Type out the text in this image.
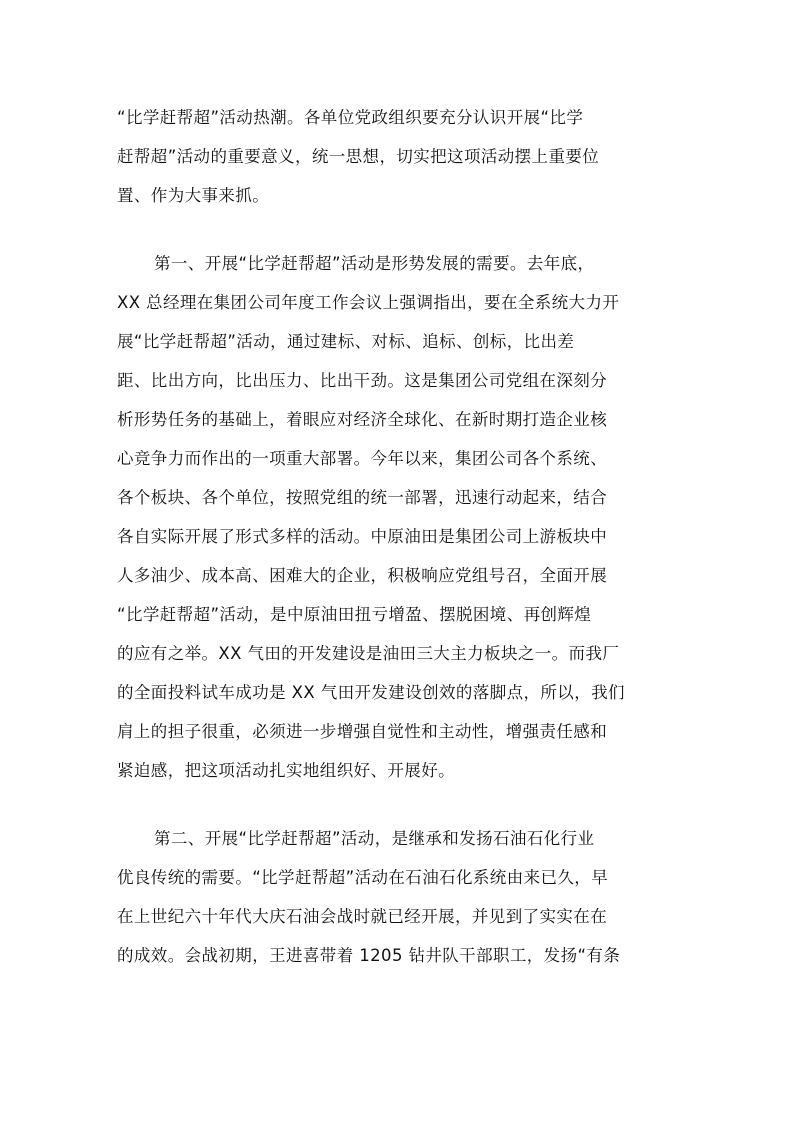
“比学赶帮超”活动热潮。各单位党政组织要充分认识开展“比学
赶帮超”活动的重要意义，统一思想，切实把这项活动摆上重要位
置、作为大事来抓。
第一、开展“比学赶帮超”活动是形势发展的需要。去年底，
XX 总经理在集团公司年度工作会议上强调指出，要在全系统大力开
展“比学赶帮超”活动，通过建标、对标、追标、创标，比出差
距、比出方向，比出压力、比出干劲。这是集团公司党组在深刻分
析形势任务的基础上，着眼应对经济全球化、在新时期打造企业核
心竞争力而作出的一项重大部署。今年以来，集团公司各个系统、
各个板块、各个单位，按照党组的统一部署，迅速行动起来，结合
各自实际开展了形式多样的活动。中原油田是集团公司上游板块中
人多油少、成本高、困难大的企业，积极响应党组号召，全面开展
“比学赶帮超”活动，是中原油田扭亏增盈、摆脱困境、再创辉煌
的应有之举。XX 气田的开发建设是油田三大主力板块之一。而我厂
的全面投料试车成功是 XX 气田开发建设创效的落脚点，所以，我们
肩上的担子很重，必须进一步增强自觉性和主动性，增强责任感和
紧迫感，把这项活动扎实地组织好、开展好。
第二、开展“比学赶帮超”活动，是继承和发扬石油石化行业
优良传统的需要。“比学赶帮超”活动在石油石化系统由来已久，早
在上世纪六十年代大庆石油会战时就已经开展，并见到了实实在在
的成效。会战初期，王进喜带着 1205 钻井队干部职工，发扬“有条
